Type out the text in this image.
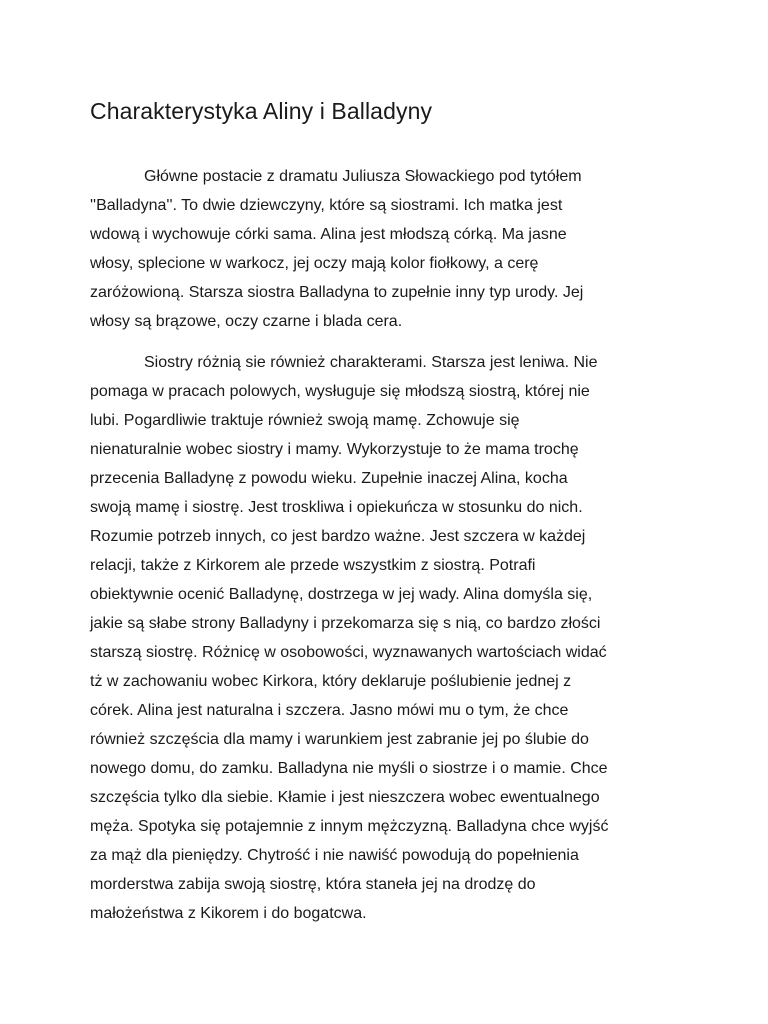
Charakterystyka Aliny i Balladyny
Główne postacie z dramatu Juliusza Słowackiego pod tytółem
''Balladyna''. To dwie dziewczyny, które są siostrami. Ich matka jest
wdową i wychowuje córki sama. Alina jest młodszą córką. Ma jasne
włosy, splecione w warkocz, jej oczy mają kolor fiołkowy, a cerę
zaróżowioną. Starsza siostra Balladyna to zupełnie inny typ urody. Jej
włosy są brązowe, oczy czarne i blada cera.
Siostry różnią sie również charakterami. Starsza jest leniwa. Nie
pomaga w pracach polowych, wysługuje się młodszą siostrą, której nie
lubi. Pogardliwie traktuje również swoją mamę. Zchowuje się
nienaturalnie wobec siostry i mamy. Wykorzystuje to że mama trochę
przecenia Balladynę z powodu wieku. Zupełnie inaczej Alina, kocha
swoją mamę i siostrę. Jest troskliwa i opiekuńcza w stosunku do nich.
Rozumie potrzeb innych, co jest bardzo ważne. Jest szczera w każdej
relacji, także z Kirkorem ale przede wszystkim z siostrą. Potrafi
obiektywnie ocenić Balladynę, dostrzega w jej wady. Alina domyśla się,
jakie są słabe strony Balladyny i przekomarza się s nią, co bardzo złości
starszą siostrę. Różnicę w osobowości, wyznawanych wartościach widać
tż w zachowaniu wobec Kirkora, który deklaruje poślubienie jednej z
córek. Alina jest naturalna i szczera. Jasno mówi mu o tym, że chce
również szczęścia dla mamy i warunkiem jest zabranie jej po ślubie do
nowego domu, do zamku. Balladyna nie myśli o siostrze i o mamie. Chce
szczęścia tylko dla siebie. Kłamie i jest nieszczera wobec ewentualnego
męża. Spotyka się potajemnie z innym mężczyzną. Balladyna chce wyjść
za mąż dla pieniędzy. Chytrość i nie nawiść powodują do popełnienia
morderstwa zabija swoją siostrę, która staneła jej na drodzę do
małożeństwa z Kikorem i do bogatcwa.
